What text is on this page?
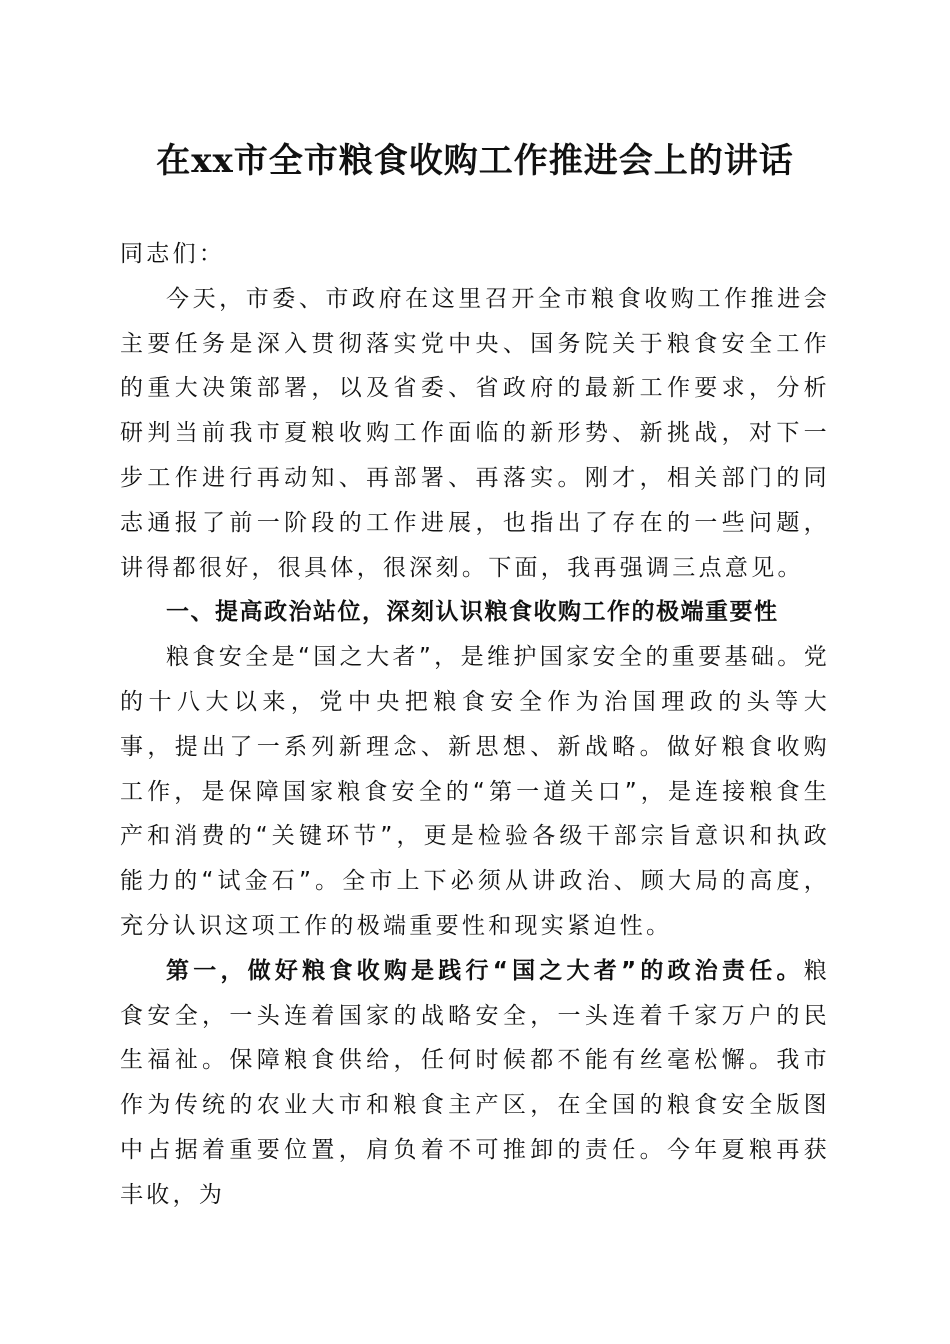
在xx市全市粮食收购工作推进会上的讲话

同志们：

今天，市委、市政府在这里召开全市粮食收购工作推进会主要任务是深入贯彻落实党中央、国务院关于粮食安全工作的重大决策部署，以及省委、省政府的最新工作要求，分析研判当前我市夏粮收购工作面临的新形势、新挑战，对下一步工作进行再动知、再部署、再落实。刚才，相关部门的同志通报了前一阶段的工作进展，也指出了存在的一些问题，讲得都很好，很具体，很深刻。下面，我再强调三点意见。

一、提高政治站位，深刻认识粮食收购工作的极端重要性

粮食安全是“国之大者”，是维护国家安全的重要基础。党的十八大以来，党中央把粮食安全作为治国理政的头等大事，提出了一系列新理念、新思想、新战略。做好粮食收购工作，是保障国家粮食安全的“第一道关口”，是连接粮食生产和消费的“关键环节”，更是检验各级干部宗旨意识和执政能力的“试金石”。全市上下必须从讲政治、顾大局的高度，充分认识这项工作的极端重要性和现实紧迫性。

第一，做好粮食收购是践行“国之大者”的政治责任。粮食安全，一头连着国家的战略安全，一头连着千家万户的民生福祉。保障粮食供给，任何时候都不能有丝毫松懈。我市作为传统的农业大市和粮食主产区，在全国的粮食安全版图中占据着重要位置，肩负着不可推卸的责任。今年夏粮再获丰收，为
